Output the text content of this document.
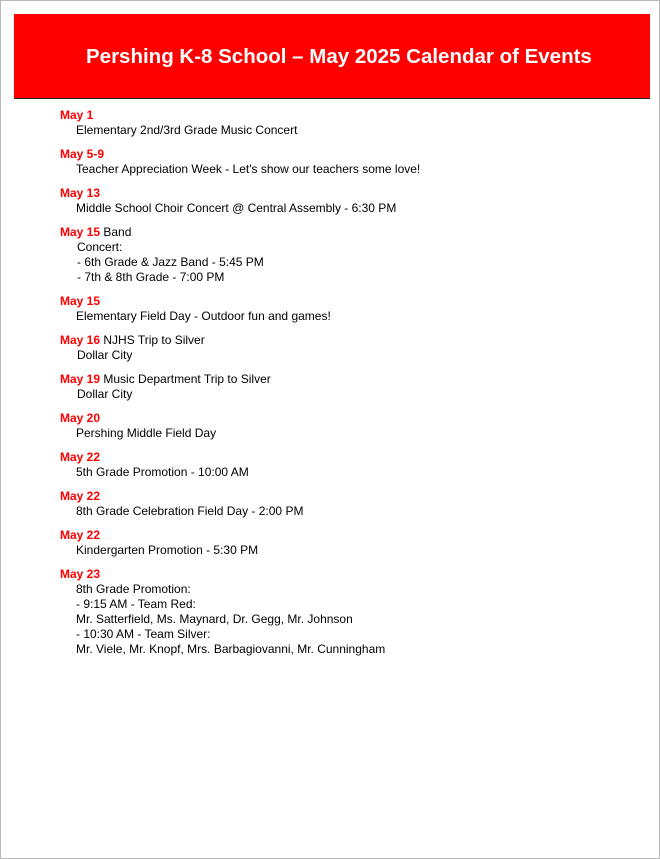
Pershing K-8 School – May 2025 Calendar of Events
May 1
Elementary 2nd/3rd Grade Music Concert
May 5-9
Teacher Appreciation Week - Let's show our teachers some love!
May 13
Middle School Choir Concert @ Central Assembly - 6:30 PM
May 15 Band
Concert:
- 6th Grade & Jazz Band - 5:45 PM
- 7th & 8th Grade - 7:00 PM
May 15
Elementary Field Day - Outdoor fun and games!
May 16 NJHS Trip to Silver
Dollar City
May 19 Music Department Trip to Silver
Dollar City
May 20
Pershing Middle Field Day
May 22
5th Grade Promotion - 10:00 AM
May 22
8th Grade Celebration Field Day - 2:00 PM
May 22
Kindergarten Promotion - 5:30 PM
May 23
8th Grade Promotion:
- 9:15 AM - Team Red:
Mr. Satterfield, Ms. Maynard, Dr. Gegg, Mr. Johnson
- 10:30 AM - Team Silver:
Mr. Viele, Mr. Knopf, Mrs. Barbagiovanni, Mr. Cunningham
